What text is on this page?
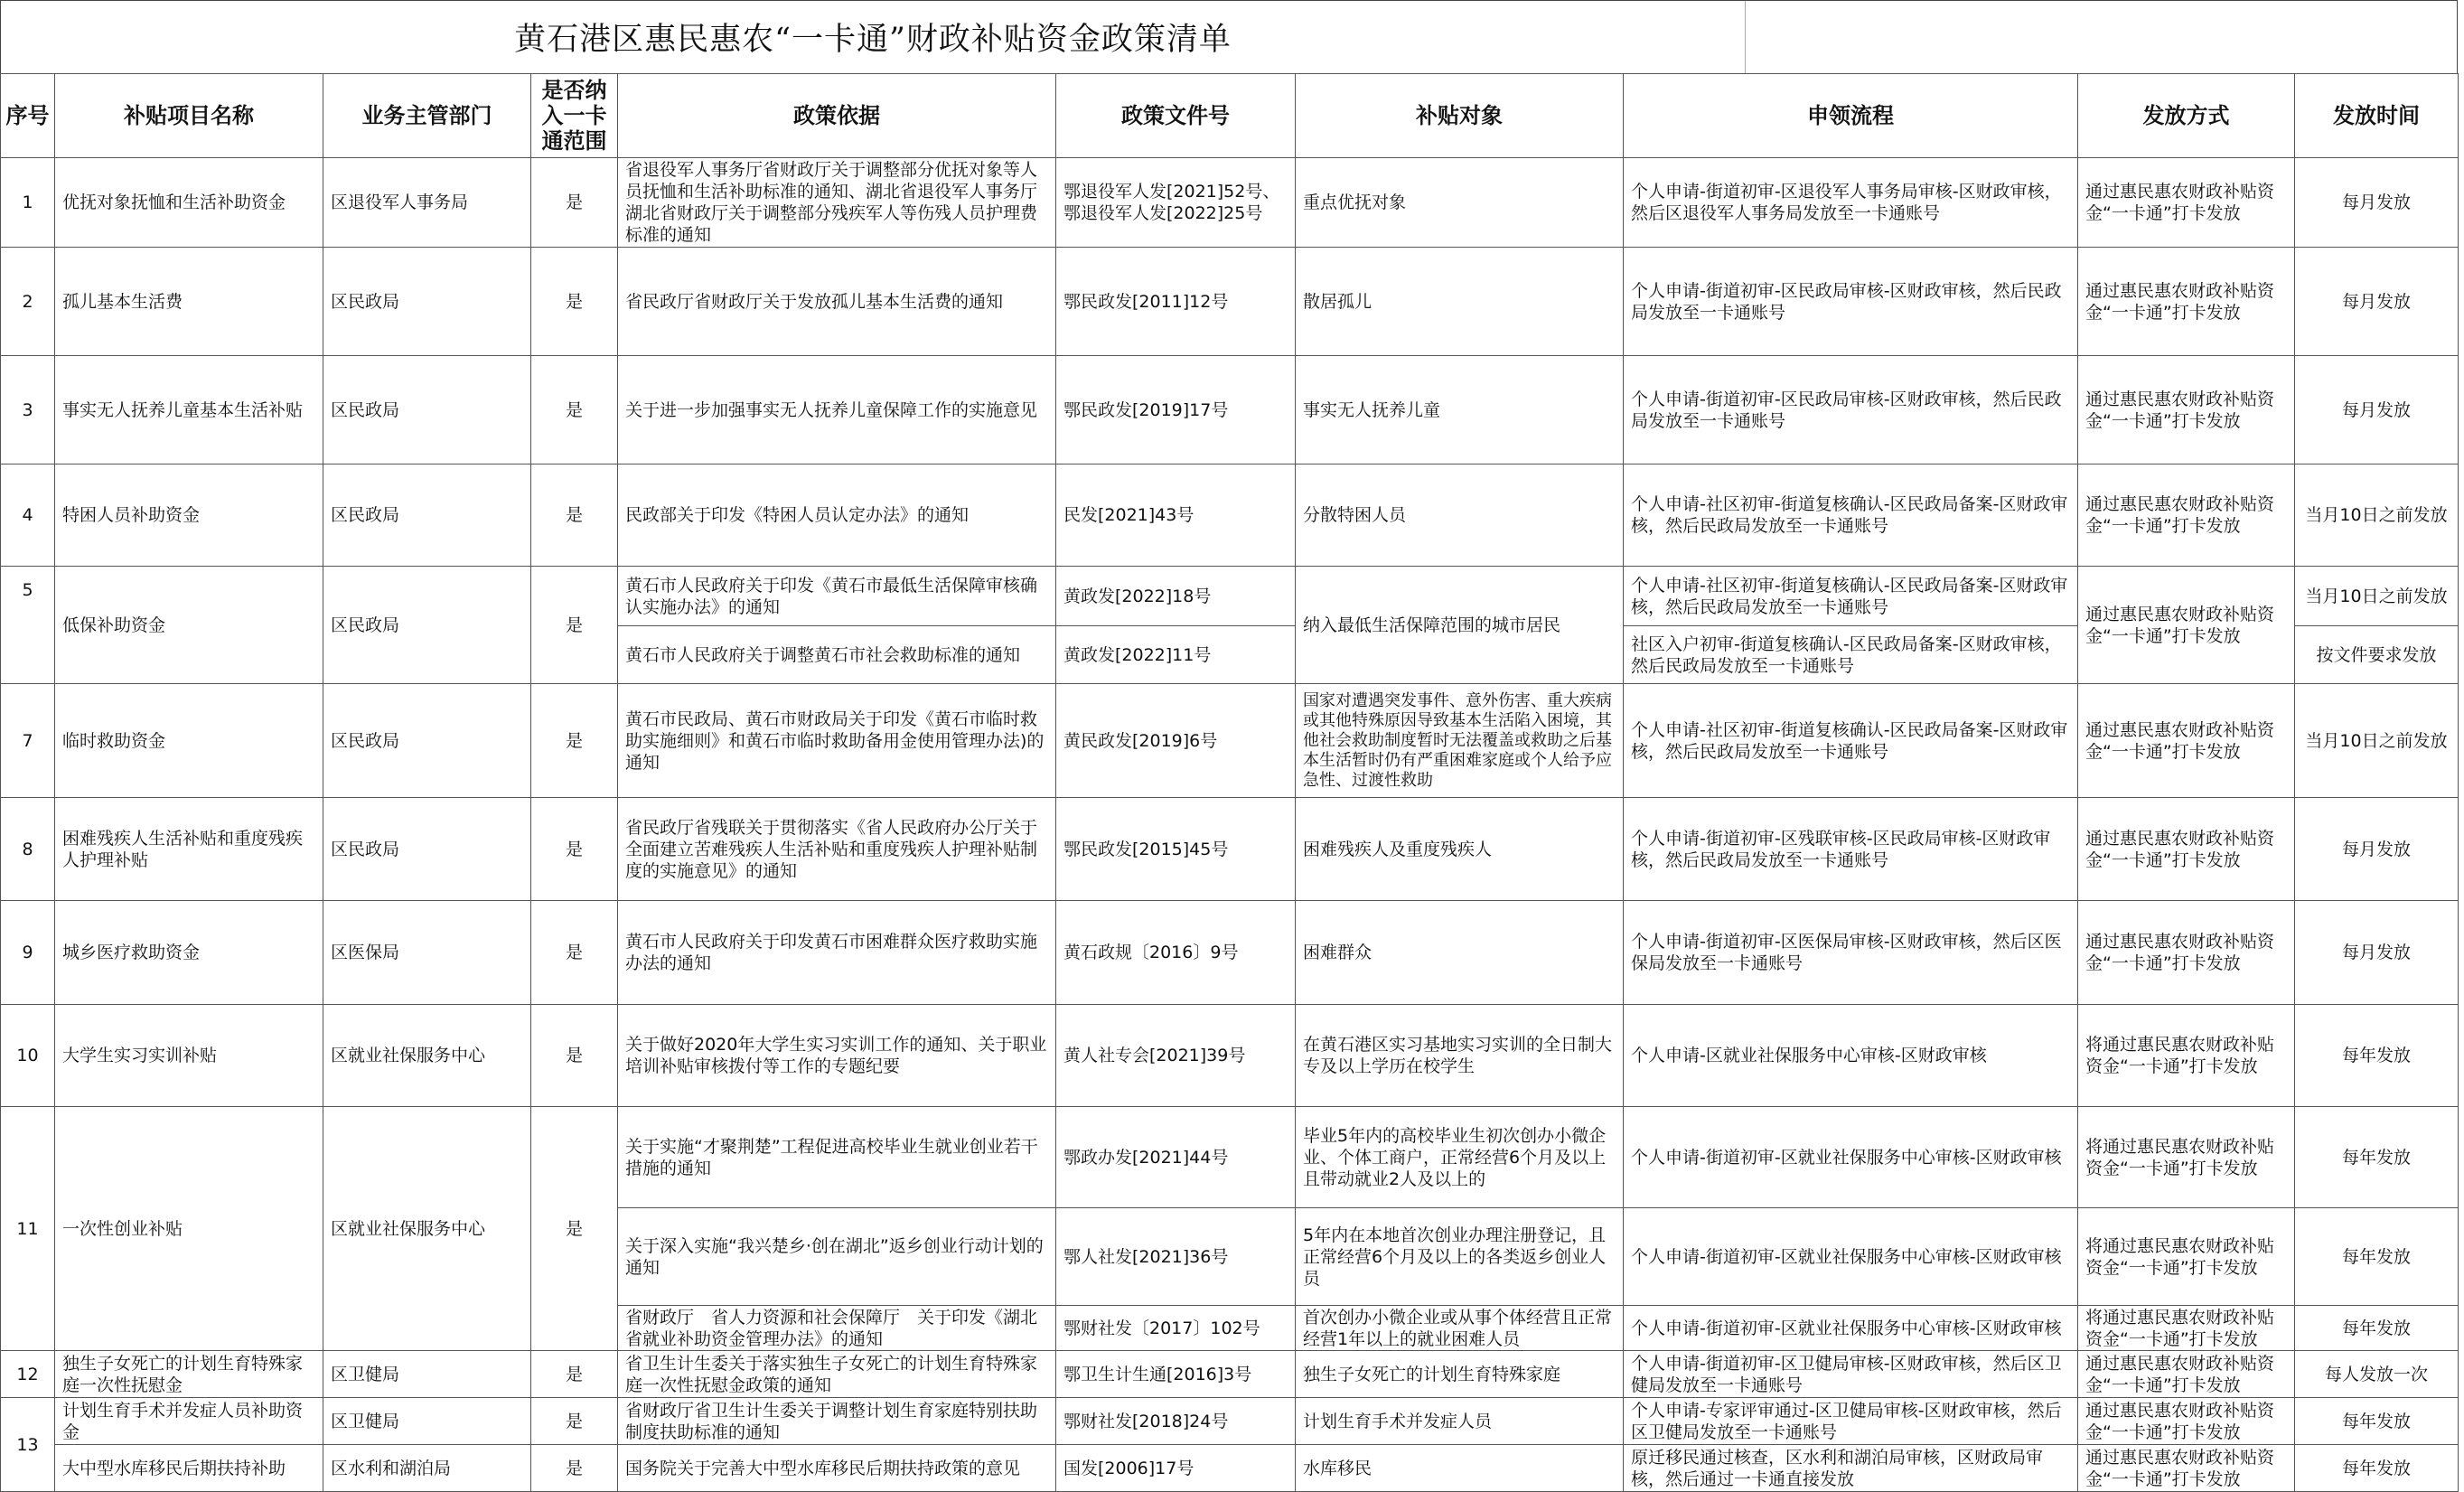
黄石港区惠民惠农“一卡通”财政补贴资金政策清单
序号	补贴项目名称	业务主管部门	是否纳入一卡通范围	政策依据	政策文件号	补贴对象	申领流程	发放方式	发放时间
1	优抚对象抚恤和生活补助资金	区退役军人事务局	是	省退役军人事务厅省财政厅关于调整部分优抚对象等人员抚恤和生活补助标准的通知、湖北省退役军人事务厅湖北省财政厅关于调整部分残疾军人等伤残人员护理费标准的通知	鄂退役军人发[2021]52号、鄂退役军人发[2022]25号	重点优抚对象	个人申请-街道初审-区退役军人事务局审核-区财政审核，然后区退役军人事务局发放至一卡通账号	通过惠民惠农财政补贴资金“一卡通”打卡发放	每月发放
2	孤儿基本生活费	区民政局	是	省民政厅省财政厅关于发放孤儿基本生活费的通知	鄂民政发[2011]12号	散居孤儿	个人申请-街道初审-区民政局审核-区财政审核，然后民政局发放至一卡通账号	通过惠民惠农财政补贴资金“一卡通”打卡发放	每月发放
3	事实无人抚养儿童基本生活补贴	区民政局	是	关于进一步加强事实无人抚养儿童保障工作的实施意见	鄂民政发[2019]17号	事实无人抚养儿童	个人申请-街道初审-区民政局审核-区财政审核，然后民政局发放至一卡通账号	通过惠民惠农财政补贴资金“一卡通”打卡发放	每月发放
4	特困人员补助资金	区民政局	是	民政部关于印发《特困人员认定办法》的通知	民发[2021]43号	分散特困人员	个人申请-社区初审-街道复核确认-区民政局备案-区财政审核，然后民政局发放至一卡通账号	通过惠民惠农财政补贴资金“一卡通”打卡发放	当月10日之前发放
5	低保补助资金	区民政局	是	黄石市人民政府关于印发《黄石市最低生活保障审核确认实施办法》的通知	黄政发[2022]18号	纳入最低生活保障范围的城市居民	个人申请-社区初审-街道复核确认-区民政局备案-区财政审核，然后民政局发放至一卡通账号	通过惠民惠农财政补贴资金“一卡通”打卡发放	当月10日之前发放
				黄石市人民政府关于调整黄石市社会救助标准的通知	黄政发[2022]11号		社区入户初审-街道复核确认-区民政局备案-区财政审核，然后民政局发放至一卡通账号		按文件要求发放
7	临时救助资金	区民政局	是	黄石市民政局、黄石市财政局关于印发《黄石市临时救助实施细则》和黄石市临时救助备用金使用管理办法)的通知	黄民政发[2019]6号	国家对遭遇突发事件、意外伤害、重大疾病或其他特殊原因导致基本生活陷入困境，其他社会救助制度暂时无法覆盖或救助之后基本生活暂时仍有严重困难家庭或个人给予应急性、过渡性救助	个人申请-社区初审-街道复核确认-区民政局备案-区财政审核，然后民政局发放至一卡通账号	通过惠民惠农财政补贴资金“一卡通”打卡发放	当月10日之前发放
8	困难残疾人生活补贴和重度残疾人护理补贴	区民政局	是	省民政厅省残联关于贯彻落实《省人民政府办公厅关于全面建立苦难残疾人生活补贴和重度残疾人护理补贴制度的实施意见》的通知	鄂民政发[2015]45号	困难残疾人及重度残疾人	个人申请-街道初审-区残联审核-区民政局审核-区财政审核，然后民政局发放至一卡通账号	通过惠民惠农财政补贴资金“一卡通”打卡发放	每月发放
9	城乡医疗救助资金	区医保局	是	黄石市人民政府关于印发黄石市困难群众医疗救助实施办法的通知	黄石政规〔2016〕9号	困难群众	个人申请-街道初审-区医保局审核-区财政审核，然后区医保局发放至一卡通账号	通过惠民惠农财政补贴资金“一卡通”打卡发放	每月发放
10	大学生实习实训补贴	区就业社保服务中心	是	关于做好2020年大学生实习实训工作的通知、关于职业培训补贴审核拨付等工作的专题纪要	黄人社专会[2021]39号	在黄石港区实习基地实习实训的全日制大专及以上学历在校学生	个人申请-区就业社保服务中心审核-区财政审核	将通过惠民惠农财政补贴资金“一卡通”打卡发放	每年发放
11	一次性创业补贴	区就业社保服务中心	是	关于实施“才聚荆楚”工程促进高校毕业生就业创业若干措施的通知	鄂政办发[2021]44号	毕业5年内的高校毕业生初次创办小微企业、个体工商户，正常经营6个月及以上且带动就业2人及以上的	个人申请-街道初审-区就业社保服务中心审核-区财政审核	将通过惠民惠农财政补贴资金“一卡通”打卡发放	每年发放
				关于深入实施“我兴楚乡·创在湖北”返乡创业行动计划的通知	鄂人社发[2021]36号	5年内在本地首次创业办理注册登记，且正常经营6个月及以上的各类返乡创业人员	个人申请-街道初审-区就业社保服务中心审核-区财政审核	将通过惠民惠农财政补贴资金“一卡通”打卡发放	每年发放
				省财政厅　省人力资源和社会保障厅　关于印发《湖北省就业补助资金管理办法》的通知	鄂财社发〔2017〕102号	首次创办小微企业或从事个体经营且正常经营1年以上的就业困难人员	个人申请-街道初审-区就业社保服务中心审核-区财政审核	将通过惠民惠农财政补贴资金“一卡通”打卡发放	每年发放
12	独生子女死亡的计划生育特殊家庭一次性抚慰金	区卫健局	是	省卫生计生委关于落实独生子女死亡的计划生育特殊家庭一次性抚慰金政策的通知	鄂卫生计生通[2016]3号	独生子女死亡的计划生育特殊家庭	个人申请-街道初审-区卫健局审核-区财政审核，然后区卫健局发放至一卡通账号	通过惠民惠农财政补贴资金“一卡通”打卡发放	每人发放一次
13	计划生育手术并发症人员补助资金	区卫健局	是	省财政厅省卫生计生委关于调整计划生育家庭特别扶助制度扶助标准的通知	鄂财社发[2018]24号	计划生育手术并发症人员	个人申请-专家评审通过-区卫健局审核-区财政审核，然后区卫健局发放至一卡通账号	通过惠民惠农财政补贴资金“一卡通”打卡发放	每年发放
	大中型水库移民后期扶持补助	区水利和湖泊局	是	国务院关于完善大中型水库移民后期扶持政策的意见	国发[2006]17号	水库移民	原迁移民通过核查，区水利和湖泊局审核，区财政局审核，然后通过一卡通直接发放	通过惠民惠农财政补贴资金“一卡通”打卡发放	每年发放
